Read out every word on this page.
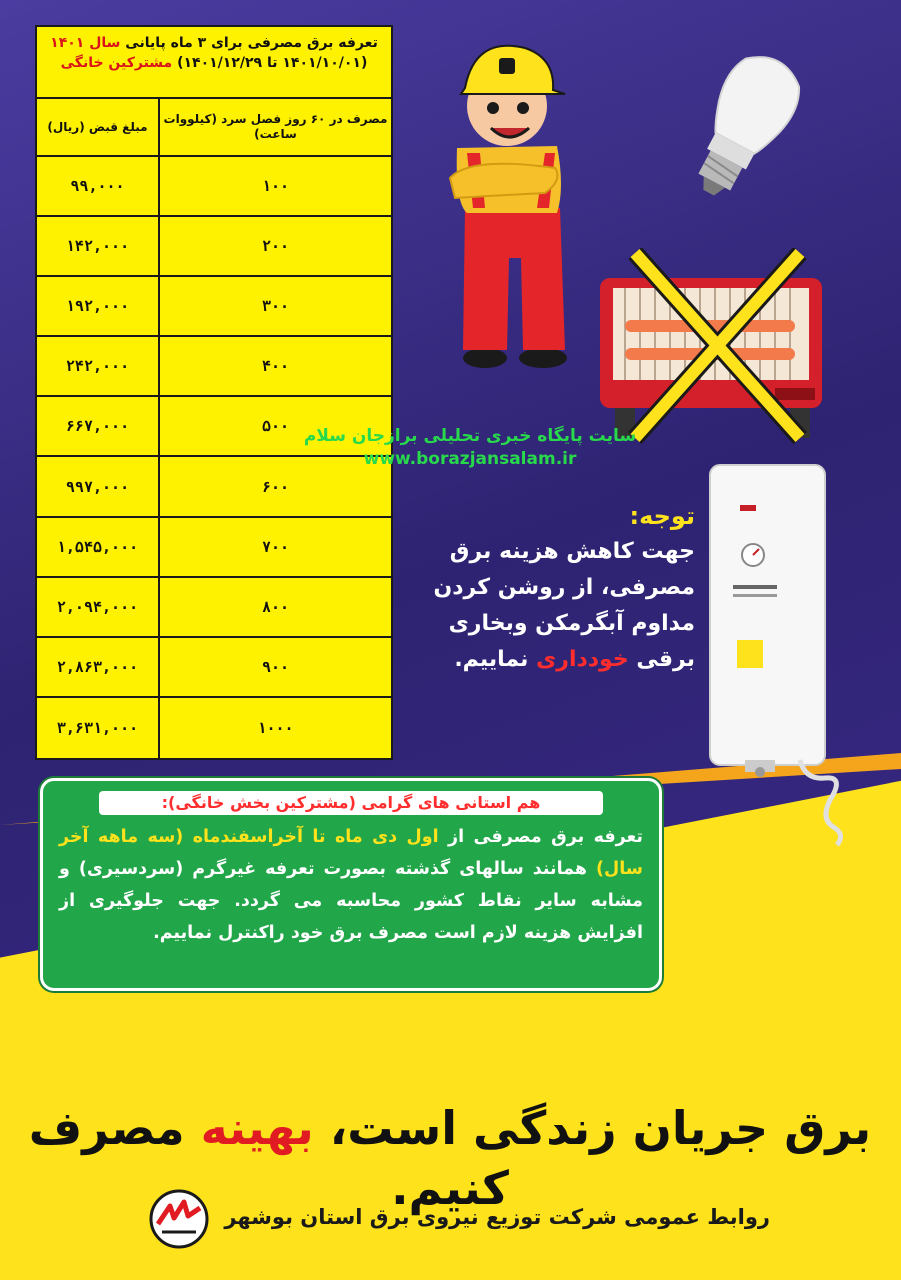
تعرفه برق مصرفی برای ۳ ماه پایانی سال ۱۴۰۱
(۱۴۰۱/۱۰/۰۱ تا ۱۴۰۱/۱۲/۲۹) مشترکین خانگی
مصرف در ۶۰ روز فصل سرد (کیلووات ساعت)
مبلغ قبض (ریال)
۱۰۰
۹۹,۰۰۰
۲۰۰
۱۴۲,۰۰۰
۳۰۰
۱۹۲,۰۰۰
۴۰۰
۲۴۲,۰۰۰
۵۰۰
۶۶۷,۰۰۰
۶۰۰
۹۹۷,۰۰۰
۷۰۰
۱,۵۴۵,۰۰۰
۸۰۰
۲,۰۹۴,۰۰۰
۹۰۰
۲,۸۶۳,۰۰۰
۱۰۰۰
۳,۶۳۱,۰۰۰
سایت پایگاه خبری تحلیلی برازجان سلام
www.borazjansalam.ir
توجه:
جهت کاهش هزینه برق
مصرفی، از روشن کردن
مداوم آبگرمکن وبخاری
برقی خودداری نماییم.
هم استانی های گرامی (مشترکین بخش خانگی):
تعرفه برق مصرفی از اول دی ماه تا آخراسفندماه (سه ماهه آخر سال) همانند سالهای گذشته بصورت تعرفه غیرگرم (سردسیری) و مشابه سایر نقاط کشور محاسبه می گردد. جهت جلوگیری از افزایش هزینه لازم است مصرف برق خود راکنترل نماییم.
برق جریان زندگی است، بهینه مصرف کنیم.
روابط عمومی شرکت توزیع نیروی برق استان بوشهر
